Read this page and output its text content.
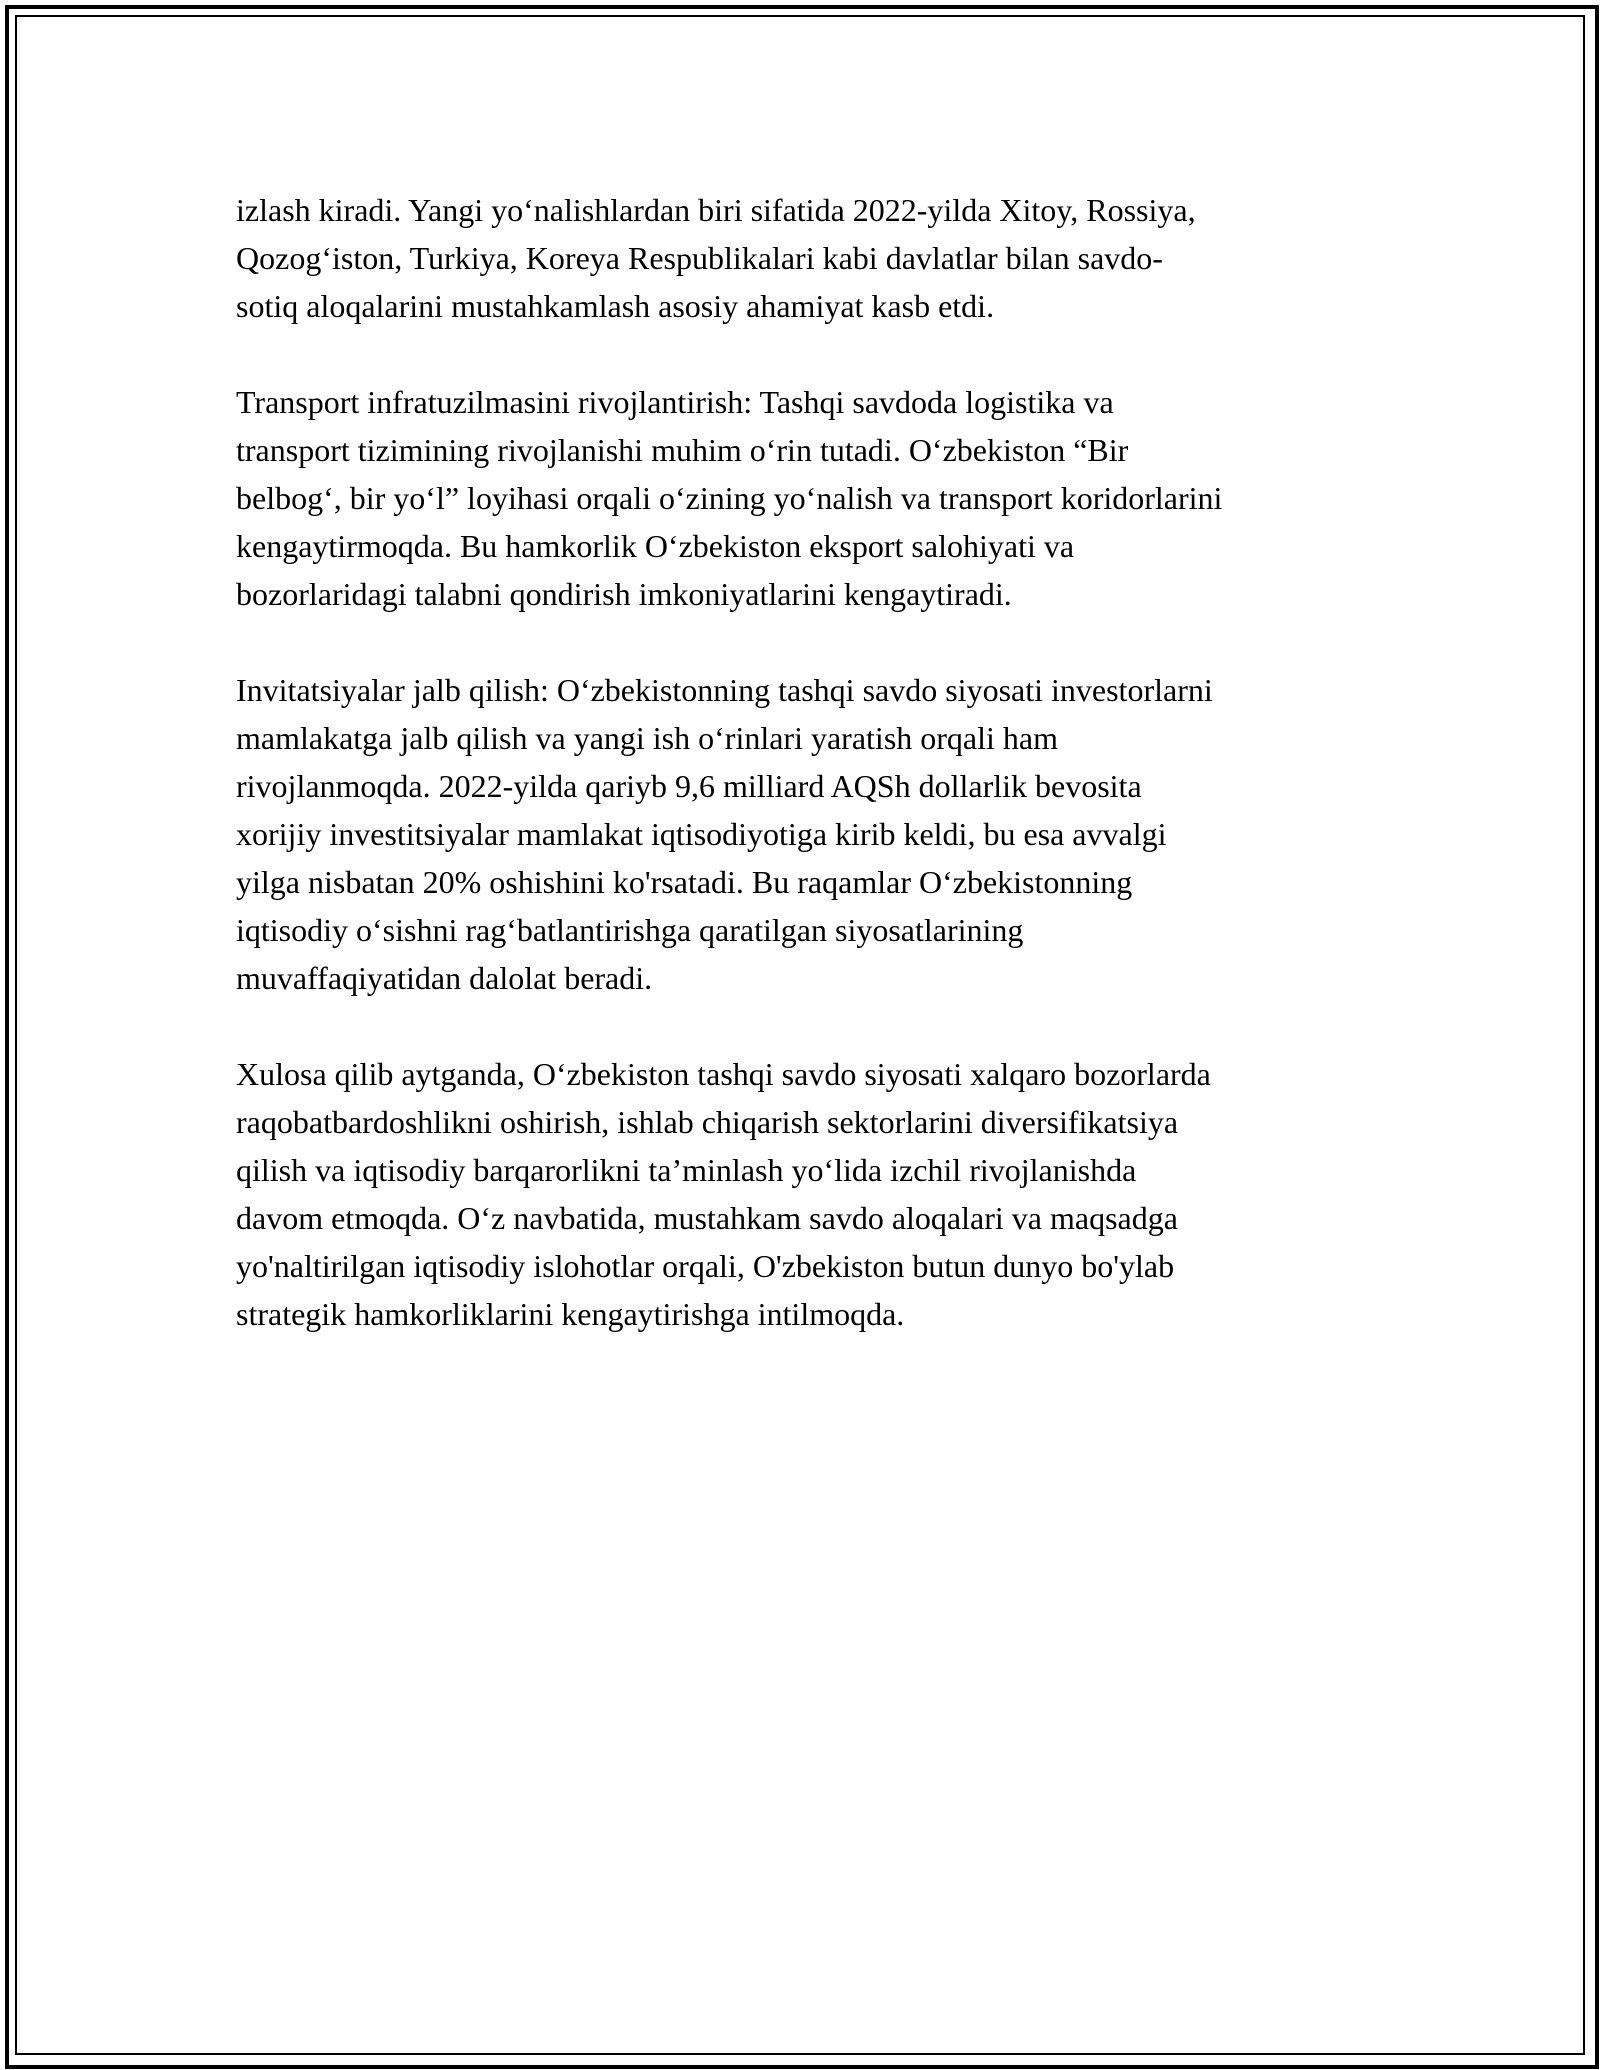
izlash kiradi. Yangi yo‘nalishlardan biri sifatida 2022-yilda Xitoy, Rossiya,
Qozog‘iston, Turkiya, Koreya Respublikalari kabi davlatlar bilan savdo-
sotiq aloqalarini mustahkamlash asosiy ahamiyat kasb etdi.

Transport infratuzilmasini rivojlantirish: Tashqi savdoda logistika va
transport tizimining rivojlanishi muhim o‘rin tutadi. O‘zbekiston “Bir
belbog‘, bir yo‘l” loyihasi orqali o‘zining yo‘nalish va transport koridorlarini
kengaytirmoqda. Bu hamkorlik O‘zbekiston eksport salohiyati va
bozorlaridagi talabni qondirish imkoniyatlarini kengaytiradi.

Invitatsiyalar jalb qilish: O‘zbekistonning tashqi savdo siyosati investorlarni
mamlakatga jalb qilish va yangi ish o‘rinlari yaratish orqali ham
rivojlanmoqda. 2022-yilda qariyb 9,6 milliard AQSh dollarlik bevosita
xorijiy investitsiyalar mamlakat iqtisodiyotiga kirib keldi, bu esa avvalgi
yilga nisbatan 20% oshishini ko'rsatadi. Bu raqamlar O‘zbekistonning
iqtisodiy o‘sishni rag‘batlantirishga qaratilgan siyosatlarining
muvaffaqiyatidan dalolat beradi.

Xulosa qilib aytganda, O‘zbekiston tashqi savdo siyosati xalqaro bozorlarda
raqobatbardoshlikni oshirish, ishlab chiqarish sektorlarini diversifikatsiya
qilish va iqtisodiy barqarorlikni ta’minlash yo‘lida izchil rivojlanishda
davom etmoqda. O‘z navbatida, mustahkam savdo aloqalari va maqsadga
yo'naltirilgan iqtisodiy islohotlar orqali, O'zbekiston butun dunyo bo'ylab
strategik hamkorliklarini kengaytirishga intilmoqda.
